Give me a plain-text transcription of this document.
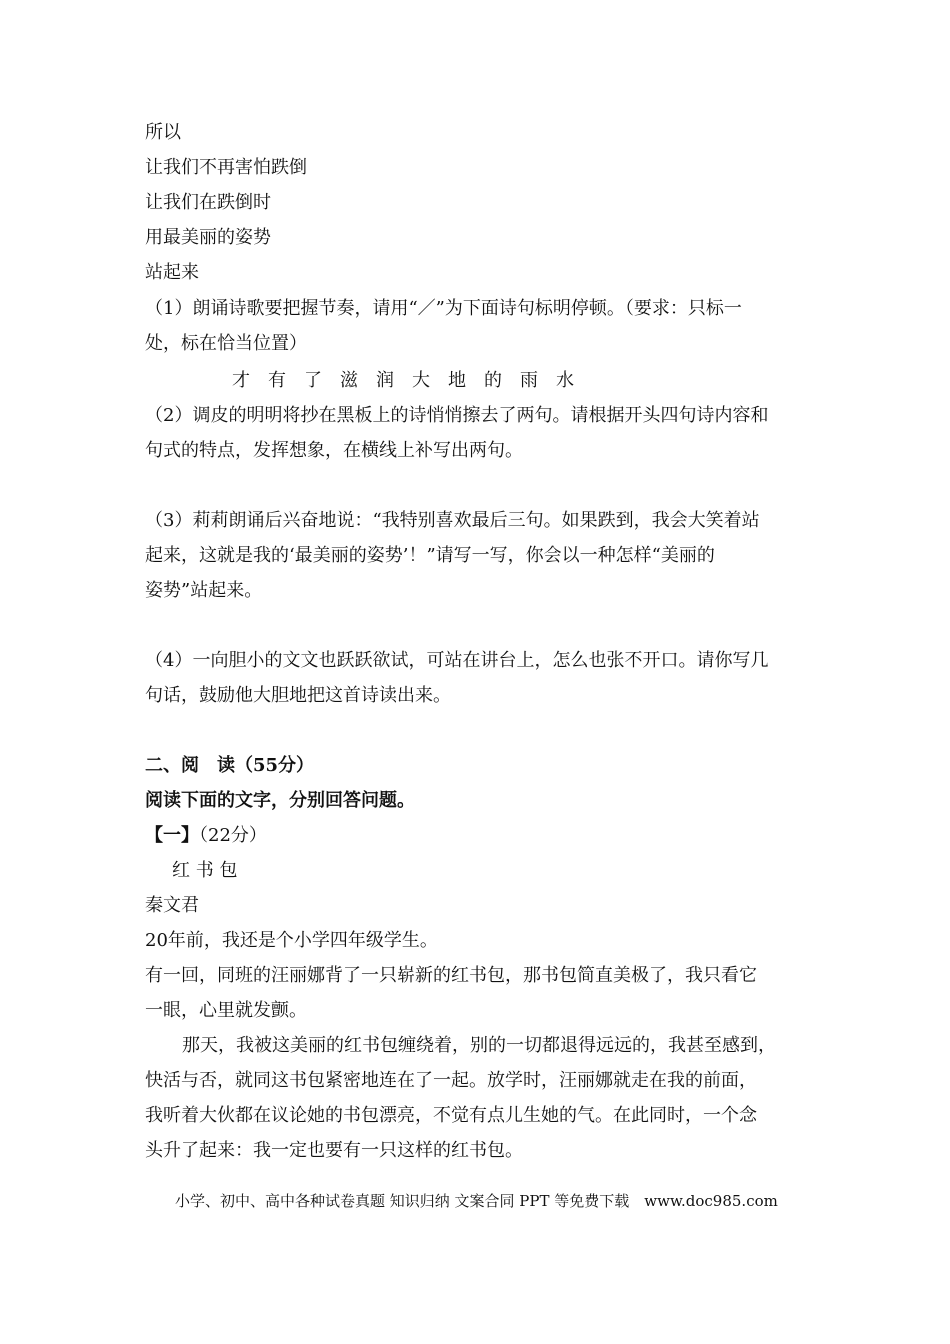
所以
让我们不再害怕跌倒
让我们在跌倒时
用最美丽的姿势
站起来
（1）朗诵诗歌要把握节奏，请用“／”为下面诗句标明停顿。（要求：只标一
处，标在恰当位置）
才　有　了　滋　润　大　地　的　雨　水
（2）调皮的明明将抄在黑板上的诗悄悄擦去了两句。请根据开头四句诗内容和
句式的特点，发挥想象，在横线上补写出两句。
（3）莉莉朗诵后兴奋地说：“我特别喜欢最后三句。如果跌到，我会大笑着站
起来，这就是我的‘最美丽的姿势’！”请写一写，你会以一种怎样“美丽的
姿势”站起来。
（4）一向胆小的文文也跃跃欲试，可站在讲台上，怎么也张不开口。请你写几
句话，鼓励他大胆地把这首诗读出来。
二、阅　读（55分）
阅读下面的文字，分别回答问题。
【一】（22分）
红 书 包
秦文君
20年前，我还是个小学四年级学生。
有一回，同班的汪丽娜背了一只崭新的红书包，那书包简直美极了，我只看它
一眼，心里就发颤。
那天，我被这美丽的红书包缠绕着，别的一切都退得远远的，我甚至感到，
快活与否，就同这书包紧密地连在了一起。放学时，汪丽娜就走在我的前面，
我听着大伙都在议论她的书包漂亮，不觉有点儿生她的气。在此同时，一个念
头升了起来：我一定也要有一只这样的红书包。
小学、初中、高中各种试卷真题 知识归纳 文案合同 PPT 等免费下载　www.doc985.com
